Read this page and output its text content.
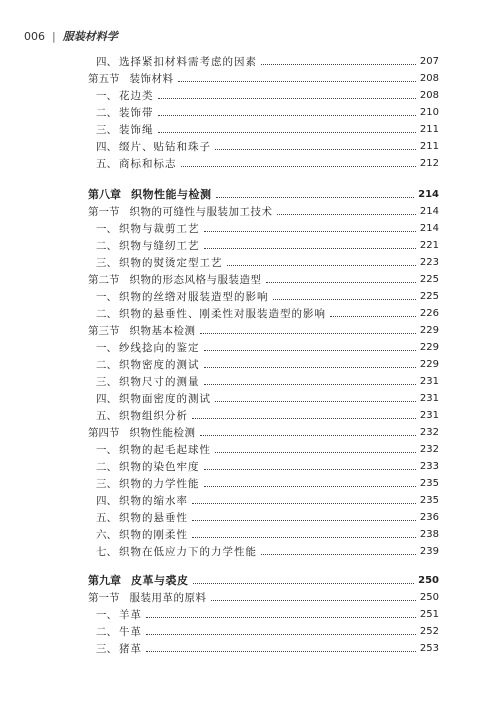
006 | 服装材料学
四、 选择紧扣材料需考虑的因素	207
第五节 装饰材料	208
一、 花边类	208
二、 装饰带	210
三、 装饰绳	211
四、 缀片、贴钻和珠子	211
五、 商标和标志	212
第八章 织物性能与检测	214
第一节 织物的可缝性与服装加工技术	214
一、 织物与裁剪工艺	214
二、 织物与缝纫工艺	221
三、 织物的熨烫定型工艺	223
第二节 织物的形态风格与服装造型	225
一、 织物的丝绺对服装造型的影响	225
二、 织物的悬垂性、刚柔性对服装造型的影响	226
第三节 织物基本检测	229
一、 纱线捻向的鉴定	229
二、 织物密度的测试	229
三、 织物尺寸的测量	231
四、 织物面密度的测试	231
五、 织物组织分析	231
第四节 织物性能检测	232
一、 织物的起毛起球性	232
二、 织物的染色牢度	233
三、 织物的力学性能	235
四、 织物的缩水率	235
五、 织物的悬垂性	236
六、 织物的刚柔性	238
七、 织物在低应力下的力学性能	239
第九章 皮革与裘皮	250
第一节 服装用革的原料	250
一、 羊革	251
二、 牛革	252
三、 猪革	253
